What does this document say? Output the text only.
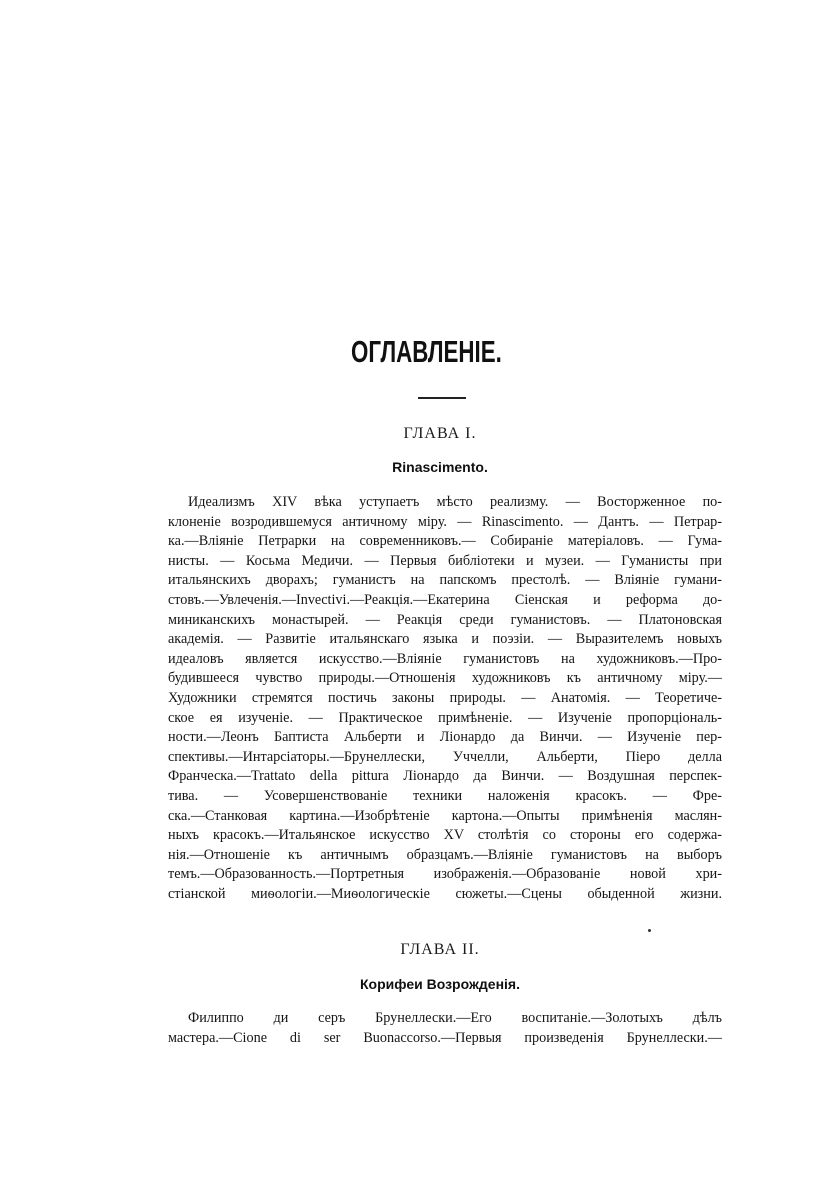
ОГЛАВЛЕНІЕ.
ГЛАВА I.
Rinascimento.
Идеализмъ XIV вѣка уступаетъ мѣсто реализму. — Восторженное по-
клоненіе возродившемуся античному міру. — Rinascimento. — Дантъ. — Петрар-
ка.—Вліяніе Петрарки на современниковъ.— Собираніе матеріаловъ. — Гума-
нисты. — Косьма Медичи. — Первыя библіотеки и музеи. — Гуманисты при
итальянскихъ дворахъ; гуманистъ на папскомъ престолѣ. — Вліяніе гумани-
стовъ.—Увлеченія.—Invectivi.—Реакція.—Екатерина Сіенская и реформа до-
миниканскихъ монастырей. — Реакція среди гуманистовъ. — Платоновская
академія. — Развитіе итальянскаго языка и поэзіи. — Выразителемъ новыхъ
идеаловъ является искусство.—Вліяніе гуманистовъ на художниковъ.—Про-
будившееся чувство природы.—Отношенія художниковъ къ античному міру.—
Художники стремятся постичь законы природы. — Анатомія. — Теоретиче-
ское ея изученіе. — Практическое примѣненіе. — Изученіе пропорціональ-
ности.—Леонъ Баптиста Альберти и Ліонардо да Винчи. — Изученіе пер-
спективы.—Интарсіаторы.—Брунеллески, Уччелли, Альберти, Пiеро делла
Франческа.—Trattato della pittura Ліонардо да Винчи. — Воздушная перспек-
тива. — Усовершенствованіе техники наложенія красокъ. — Фре-
ска.—Станковая картина.—Изобрѣтеніе картона.—Опыты примѣненія маслян-
ныхъ красокъ.—Итальянское искусство XV столѣтія со стороны его содержа-
нія.—Отношеніе къ античнымъ образцамъ.—Вліяніе гуманистовъ на выборъ
темъ.—Образованность.—Портретныя изображенія.—Образованіе новой хри-
стіанской миѳологіи.—Миѳологическіе сюжеты.—Сцены обыденной жизни.
ГЛАВА II.
Корифеи Возрожденія.
Филиппо ди серъ Брунеллески.—Его воспитаніе.—Золотыхъ дѣлъ
мастера.—Cione di ser Buonaccorso.—Первыя произведенія Брунеллески.—
